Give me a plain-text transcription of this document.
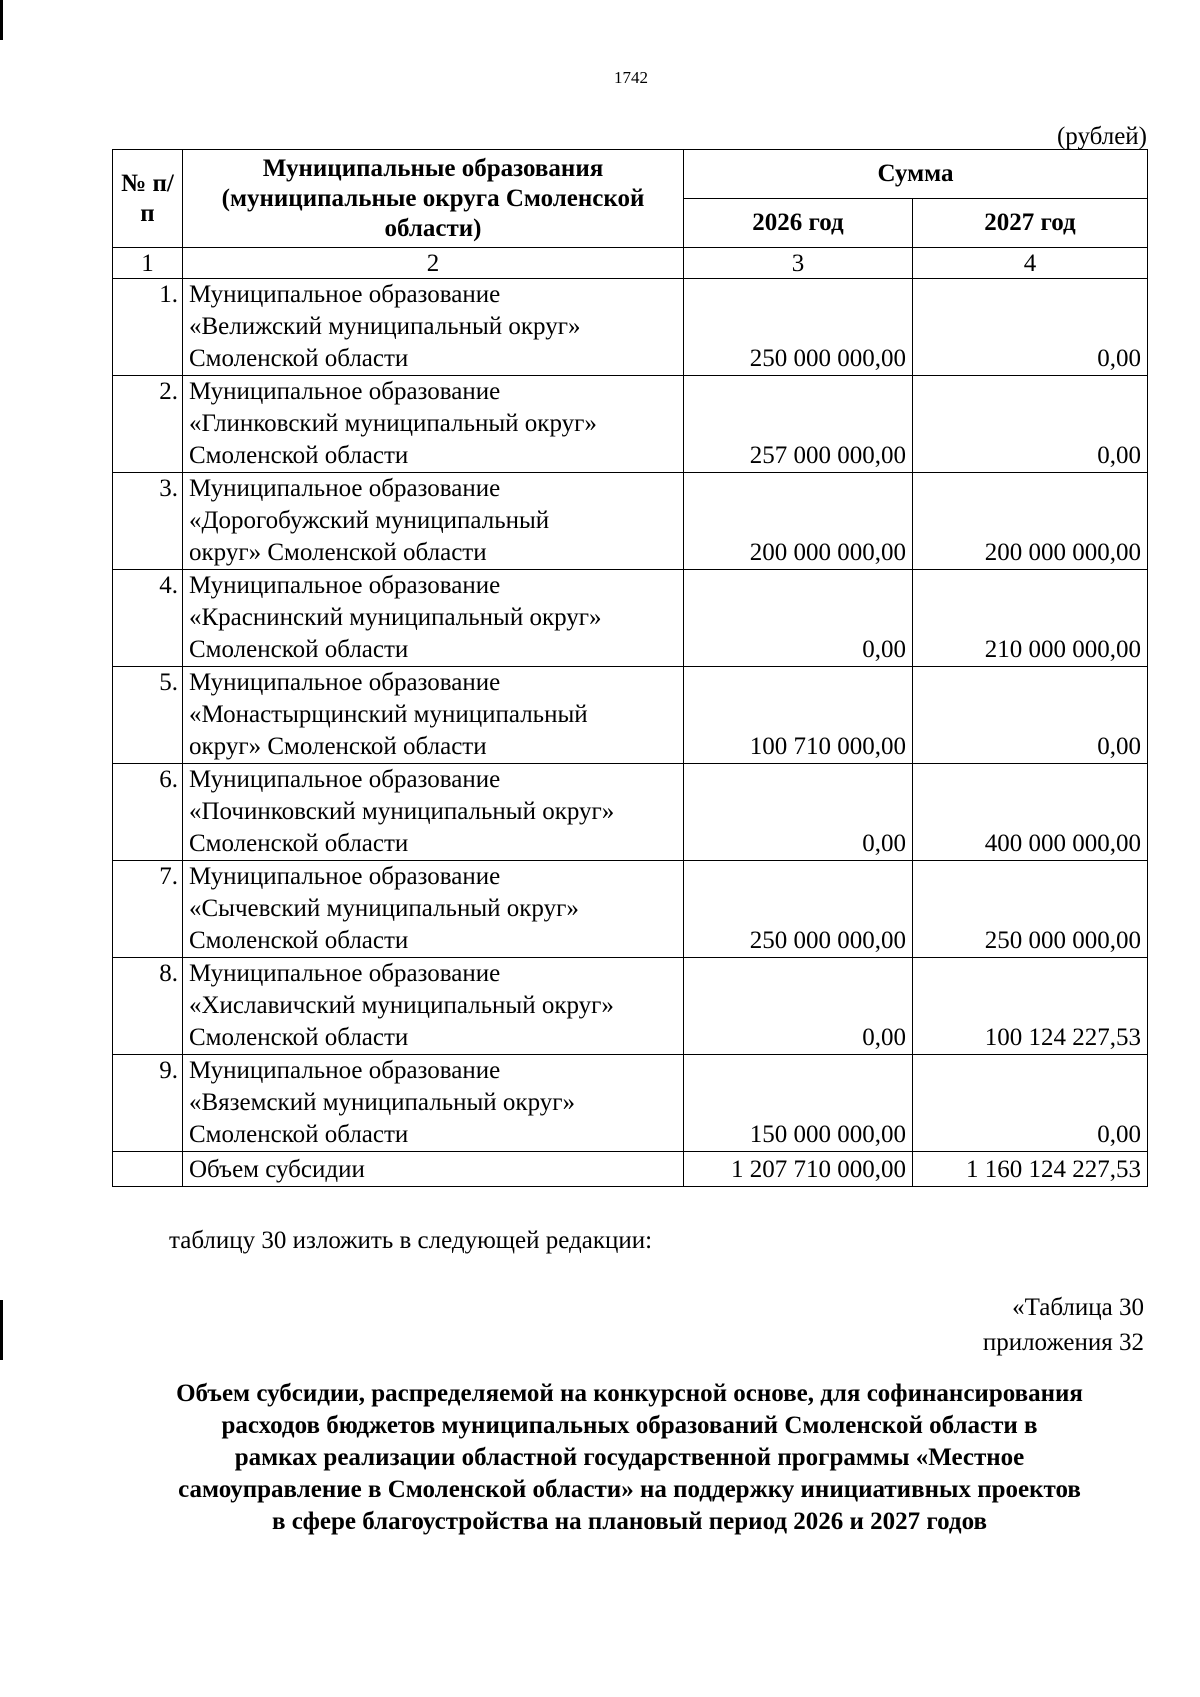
1742
(рублей)
№ п/п	Муниципальные образования (муниципальные округа Смоленской области)	Сумма	
		2026 год	2027 год
1	2	3	4
1.	Муниципальное образование
«Велижский муниципальный округ»
Смоленской области	250 000 000,00	0,00
2.	Муниципальное образование
«Глинковский муниципальный округ»
Смоленской области	257 000 000,00	0,00
3.	Муниципальное образование
«Дорогобужский муниципальный
округ» Смоленской области	200 000 000,00	200 000 000,00
4.	Муниципальное образование
«Краснинский муниципальный округ»
Смоленской области	0,00	210 000 000,00
5.	Муниципальное образование
«Монастырщинский муниципальный
округ» Смоленской области	100 710 000,00	0,00
6.	Муниципальное образование
«Починковский муниципальный округ»
Смоленской области	0,00	400 000 000,00
7.	Муниципальное образование
«Сычевский муниципальный округ»
Смоленской области	250 000 000,00	250 000 000,00
8.	Муниципальное образование
«Хиславичский муниципальный округ»
Смоленской области	0,00	100 124 227,53
9.	Муниципальное образование
«Вяземский муниципальный округ»
Смоленской области	150 000 000,00	0,00
	Объем субсидии	1 207 710 000,00	1 160 124 227,53
таблицу 30 изложить в следующей редакции:
«Таблица 30
приложения 32
Объем субсидии, распределяемой на конкурсной основе, для софинансирования
расходов бюджетов муниципальных образований Смоленской области в
рамках реализации областной государственной программы «Местное
самоуправление в Смоленской области» на поддержку инициативных проектов
в сфере благоустройства на плановый период 2026 и 2027 годов
